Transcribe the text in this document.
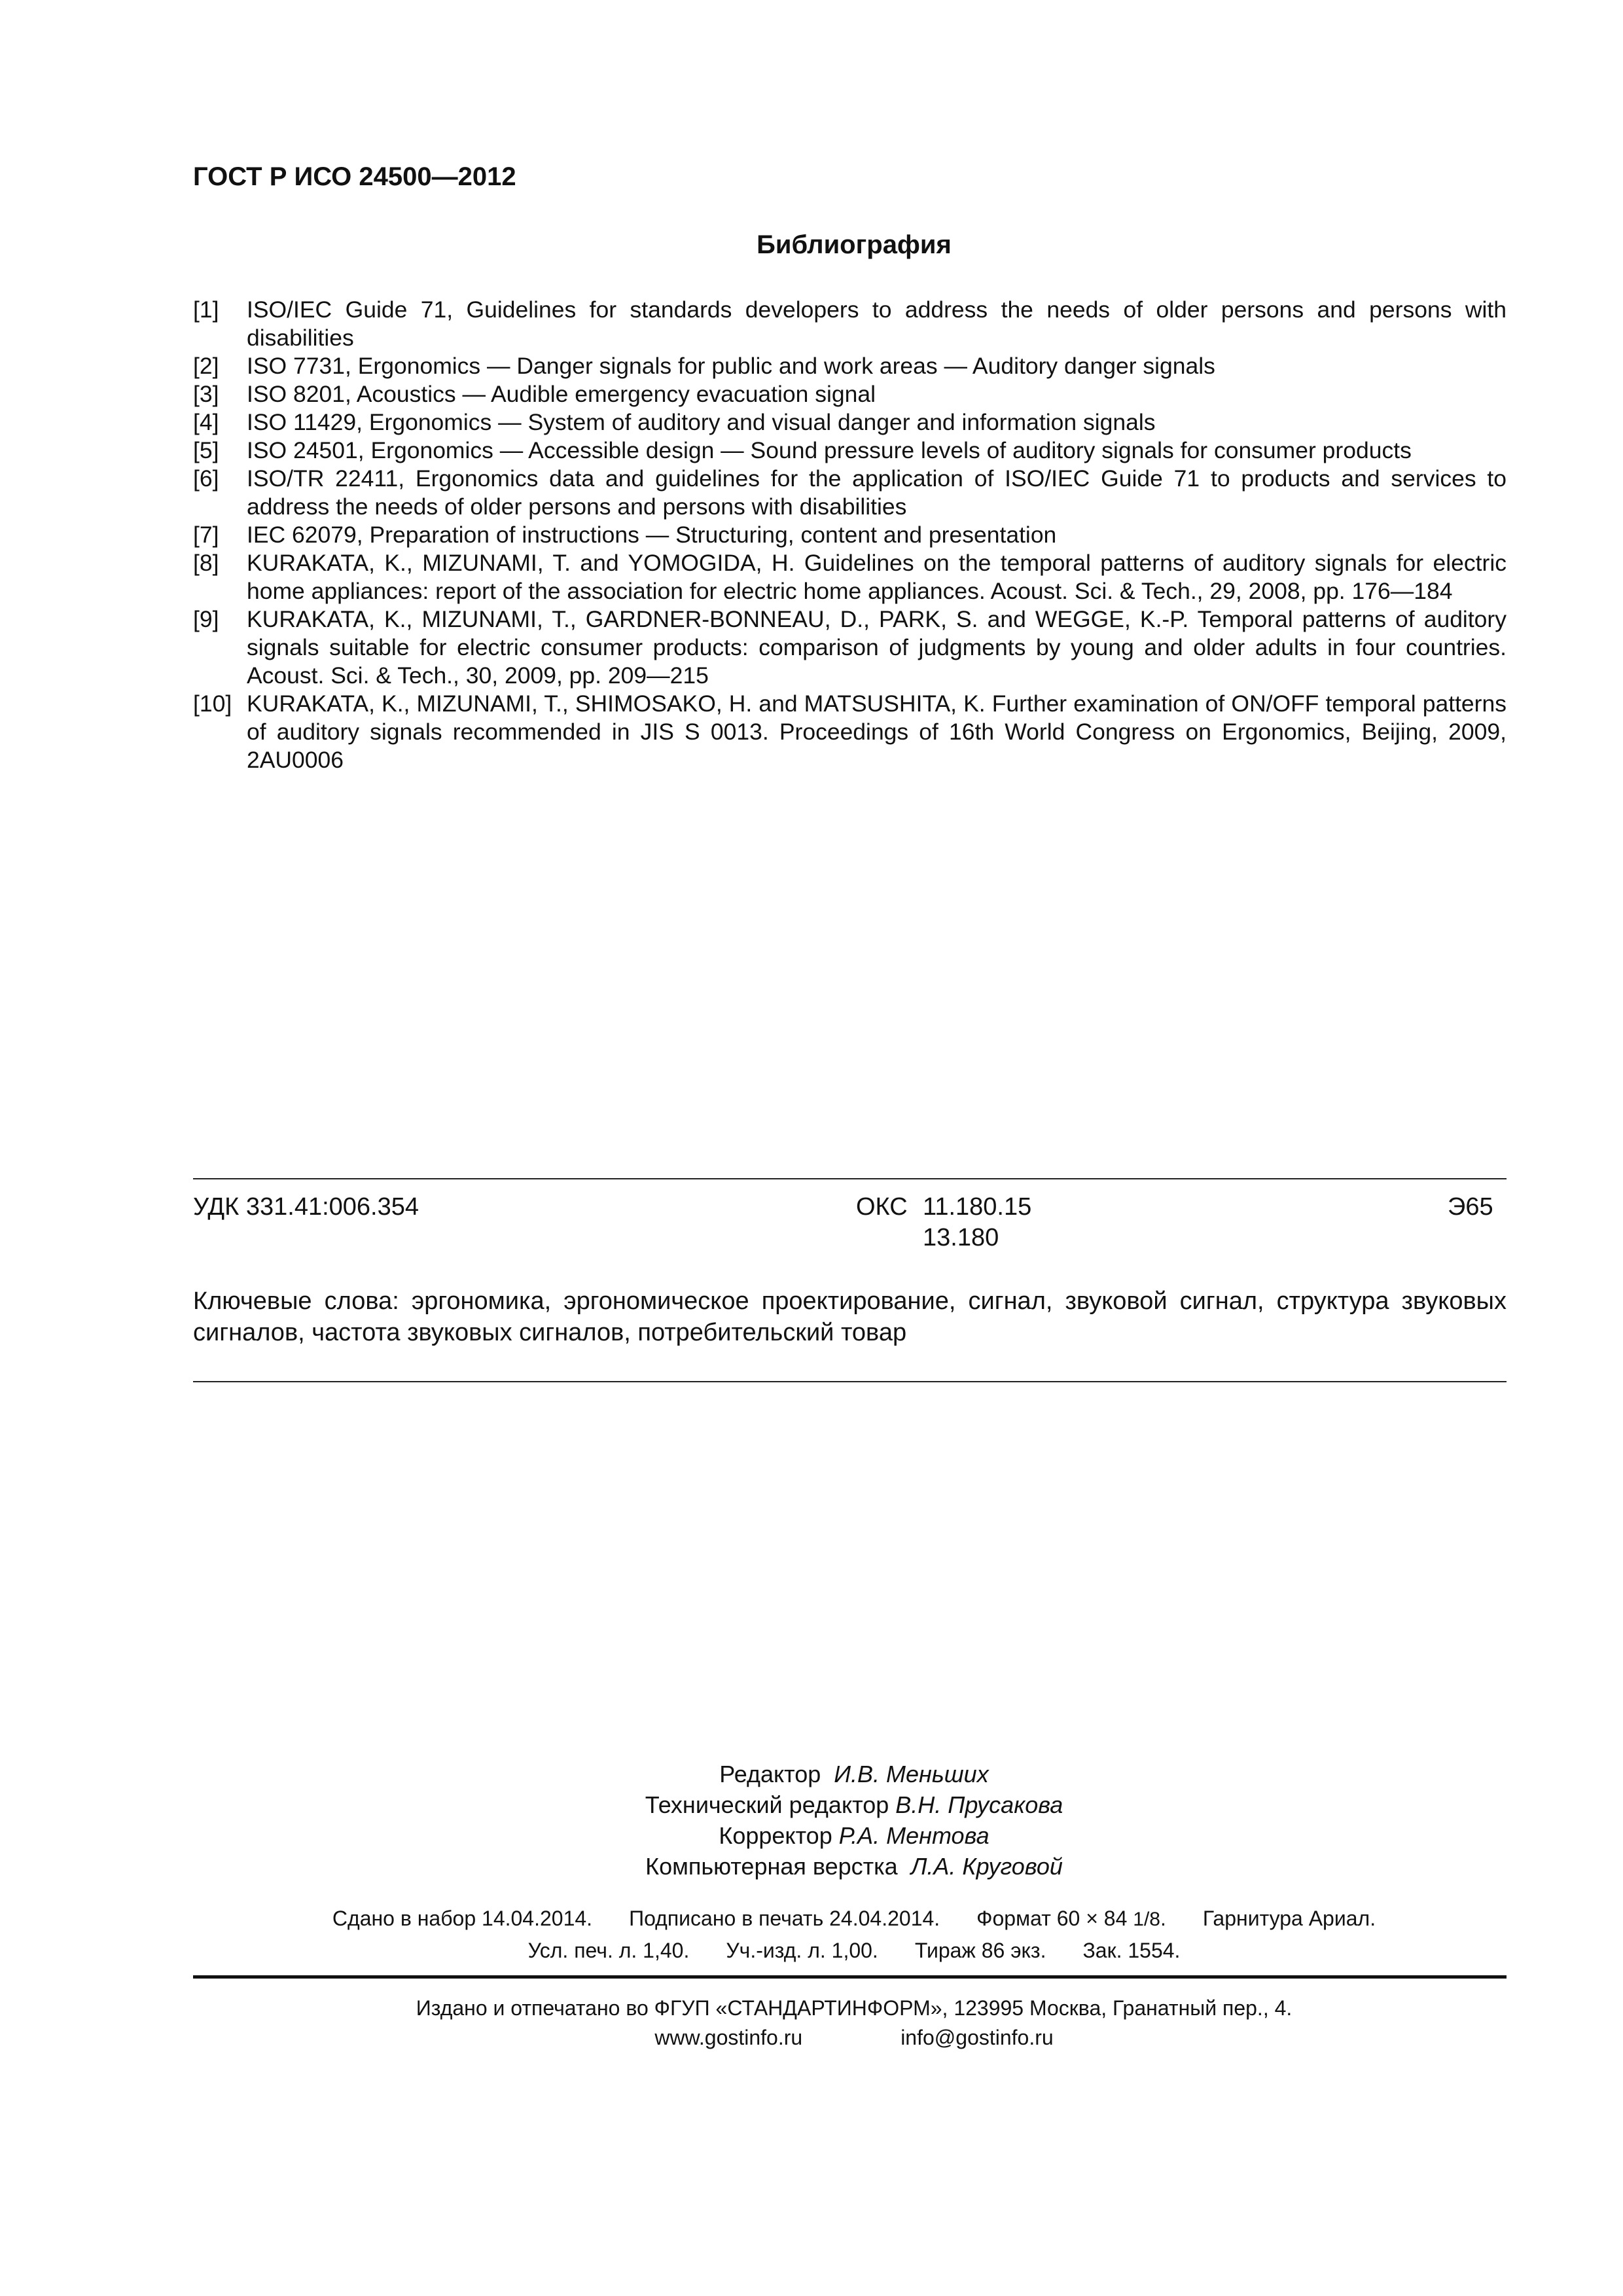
ГОСТ Р ИСО 24500—2012
Библиография
[1]	ISO/IEC Guide 71, Guidelines for standards developers to address the needs of older persons and persons with disabilities
[2]	ISO 7731, Ergonomics — Danger signals for public and work areas — Auditory danger signals
[3]	ISO 8201, Acoustics — Audible emergency evacuation signal
[4]	ISO 11429, Ergonomics — System of auditory and visual danger and information signals
[5]	ISO 24501, Ergonomics — Accessible design — Sound pressure levels of auditory signals for consumer products
[6]	ISO/TR 22411, Ergonomics data and guidelines for the application of ISO/IEC Guide 71 to products and services to address the needs of older persons and persons with disabilities
[7]	IEC 62079, Preparation of instructions — Structuring, content and presentation
[8]	KURAKATA, K., MIZUNAMI, T. and YOMOGIDA, H. Guidelines on the temporal patterns of auditory signals for electric home appliances: report of the association for electric home appliances. Acoust. Sci. & Tech., 29, 2008, pp. 176—184
[9]	KURAKATA, K., MIZUNAMI, T., GARDNER-BONNEAU, D., PARK, S. and WEGGE, K.-P. Temporal patterns of auditory signals suitable for electric consumer products: comparison of judgments by young and older adults in four countries. Acoust. Sci. & Tech., 30, 2009, pp. 209—215
[10] KURAKATA, K., MIZUNAMI, T., SHIMOSAKO, H. and MATSUSHITA, K. Further examination of ON/OFF temporal patterns of auditory signals recommended in JIS S 0013. Proceedings of 16th World Congress on Ergonomics, Beijing, 2009, 2AU0006
УДК 331.41:006.354	ОКС 11.180.15
13.180
Э65
Ключевые слова: эргономика, эргономическое проектирование, сигнал, звуковой сигнал, структура звуковых сигналов, частота звуковых сигналов, потребительский товар
Редактор И.В. Меньших
Технический редактор В.Н. Прусакова
Корректор Р.А. Ментова
Компьютерная верстка Л.А. Круговой
Сдано в набор 14.04.2014. Подписано в печать 24.04.2014. Формат 60 × 84 1/8. Гарнитура Ариал.
Усл. печ. л. 1,40. Уч.-изд. л. 1,00. Тираж 86 экз. Зак. 1554.
Издано и отпечатано во ФГУП «СТАНДАРТИНФОРМ», 123995 Москва, Гранатный пер., 4.
www.gostinfo.ru	info@gostinfo.ru
